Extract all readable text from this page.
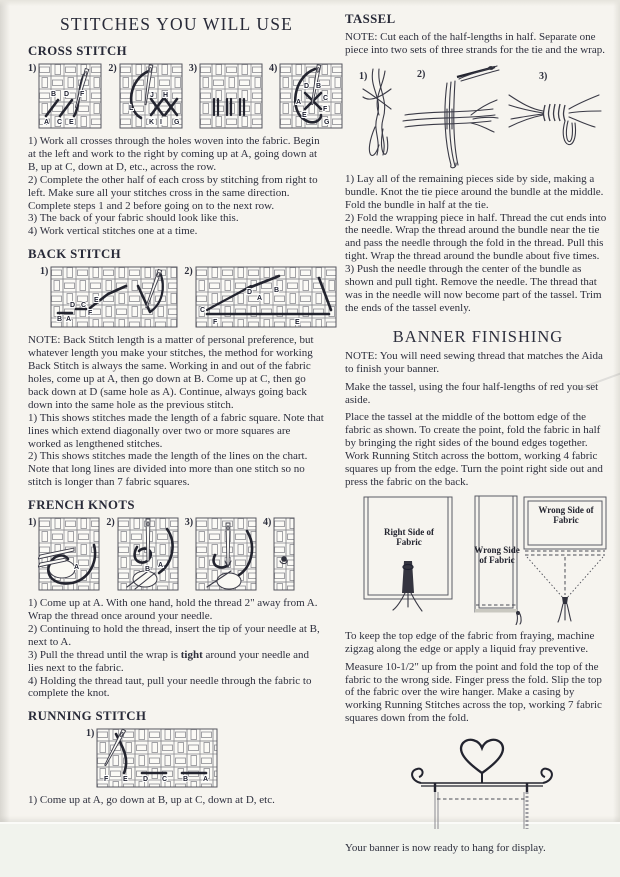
STITCHES YOU WILL USE
CROSS STITCH
1)
B D F
A C E
2)
L
J H
K I G
3)	4)
D B
A
C
E
F
G

1) Work all crosses through the holes woven into the fabric. Begin at the left and work to the right by coming up at A, going down at B, up at C, down at D, etc., across the row.

2) Complete the other half of each cross by stitching from right to left. Make sure all your stitches cross in the same direction. Complete steps 1 and 2 before going on to the next row.

3) The back of your fabric should look like this.

4) Work vertical stitches one at a time.

BACK STITCH
1)
D C
E
F
B A
2)
D
A
B
C
F	E

NOTE: Back Stitch length is a matter of personal preference, but whatever length you make your stitches, the method for working Back Stitch is always the same. Working in and out of the fabric holes, come up at A, then go down at B. Come up at C, then go back down at D (same hole as A). Continue, always going back down into the same hole as the previous stitch.

1) This shows stitches made the length of a fabric square. Note that lines which extend diagonally over two or more squares are worked as lengthened stitches.

2) This shows stitches made the length of the lines on the chart. Note that long lines are divided into more than one stitch so no stitch is longer than 7 fabric squares.

FRENCH KNOTS
1)
A
2)
B
A
3)	4)

1) Come up at A. With one hand, hold the thread 2" away from A. Wrap the thread once around your needle.

2) Continuing to hold the thread, insert the tip of your needle at B, next to A.

3) Pull the thread until the wrap is tight around your needle and lies next to the fabric.

4) Holding the thread taut, pull your needle through the fabric to complete the knot.

RUNNING STITCH
1)
F E D C B A

1) Come up at A, go down at B, up at C, down at D, etc.

TASSEL

NOTE: Cut each of the half-lengths in half. Separate one piece into two sets of three strands for the tie and the wrap.

1)	2)	3)

1) Lay all of the remaining pieces side by side, making a bundle. Knot the tie piece around the bundle at the middle. Fold the bundle in half at the tie.

2) Fold the wrapping piece in half. Thread the cut ends into the needle. Wrap the thread around the bundle near the tie and pass the needle through the fold in the thread. Pull this tight. Wrap the thread around the bundle about five times.

3) Push the needle through the center of the bundle as shown and pull tight. Remove the needle. The thread that was in the needle will now become part of the tassel. Trim the ends of the tassel evenly.

BANNER FINISHING

NOTE: You will need sewing thread that matches the Aida to finish your banner.

Make the tassel, using the four half-lengths of red you set aside.

Place the tassel at the middle of the bottom edge of the fabric as shown. To create the point, fold the fabric in half by bringing the right sides of the bound edges together. Work Running Stitch across the bottom, working 4 fabric squares up from the edge. Turn the point right side out and press the fabric on the back.

Right Side of Fabric
Wrong Side of Fabric
Wrong Side of Fabric

To keep the top edge of the fabric from fraying, machine zigzag along the edge or apply a liquid fray preventive.

Measure 10-1/2" up from the point and fold the top of the fabric to the wrong side. Finger press the fold. Slip the top of the fabric over the wire hanger. Make a casing by working Running Stitches across the top, working 7 fabric squares down from the fold.

Your banner is now ready to hang for display.
